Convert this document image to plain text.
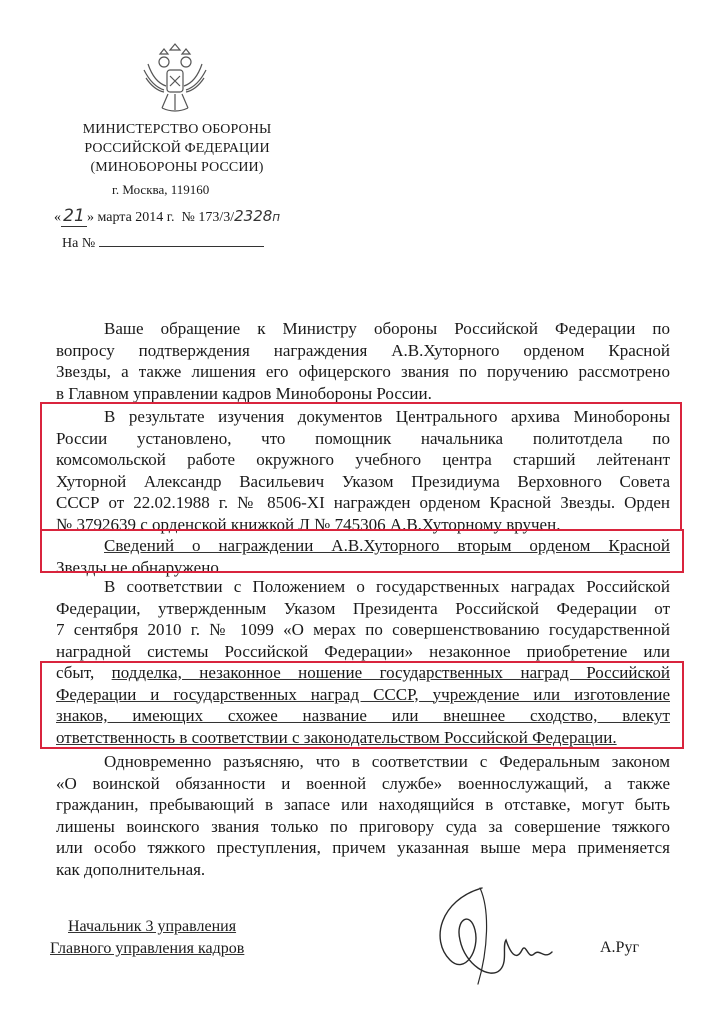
МИНИСТЕРСТВО ОБОРОНЫ
РОССИЙСКОЙ ФЕДЕРАЦИИ
(МИНОБОРОНЫ РОССИИ)
г. Москва, 119160
« 21 » марта 2014 г. № 173/3/2328п
На №
Ваше обращение к Министру обороны Российской Федерации по
вопросу подтверждения награждения А.В.Хуторного орденом Красной
Звезды, а также лишения его офицерского звания по поручению рассмотрено
в Главном управлении кадров Минобороны России.
В результате изучения документов Центрального архива Минобороны
России установлено, что помощник начальника политотдела по
комсомольской работе окружного учебного центра старший лейтенант
Хуторной Александр Васильевич Указом Президиума Верховного Совета
СССР от 22.02.1988 г. № 8506-XI награжден орденом Красной Звезды. Орден
№ 3792639 с орденской книжкой Л № 745306 А.В.Хуторному вручен.
Сведений о награждении А.В.Хуторного вторым орденом Красной
Звезды не обнаружено.
В соответствии с Положением о государственных наградах Российской
Федерации, утвержденным Указом Президента Российской Федерации от
7 сентября 2010 г. № 1099 «О мерах по совершенствованию государственной
наградной системы Российской Федерации» незаконное приобретение или
сбыт, подделка, незаконное ношение государственных наград Российской
Федерации и государственных наград СССР, учреждение или изготовление
знаков, имеющих схожее название или внешнее сходство, влекут
ответственность в соответствии с законодательством Российской Федерации.
Одновременно разъясняю, что в соответствии с Федеральным законом
«О воинской обязанности и военной службе» военнослужащий, а также
гражданин, пребывающий в запасе или находящийся в отставке, могут быть
лишены воинского звания только по приговору суда за совершение тяжкого
или особо тяжкого преступления, причем указанная выше мера применяется
как дополнительная.
Начальник 3 управления
Главного управления кадров	А.Руг
